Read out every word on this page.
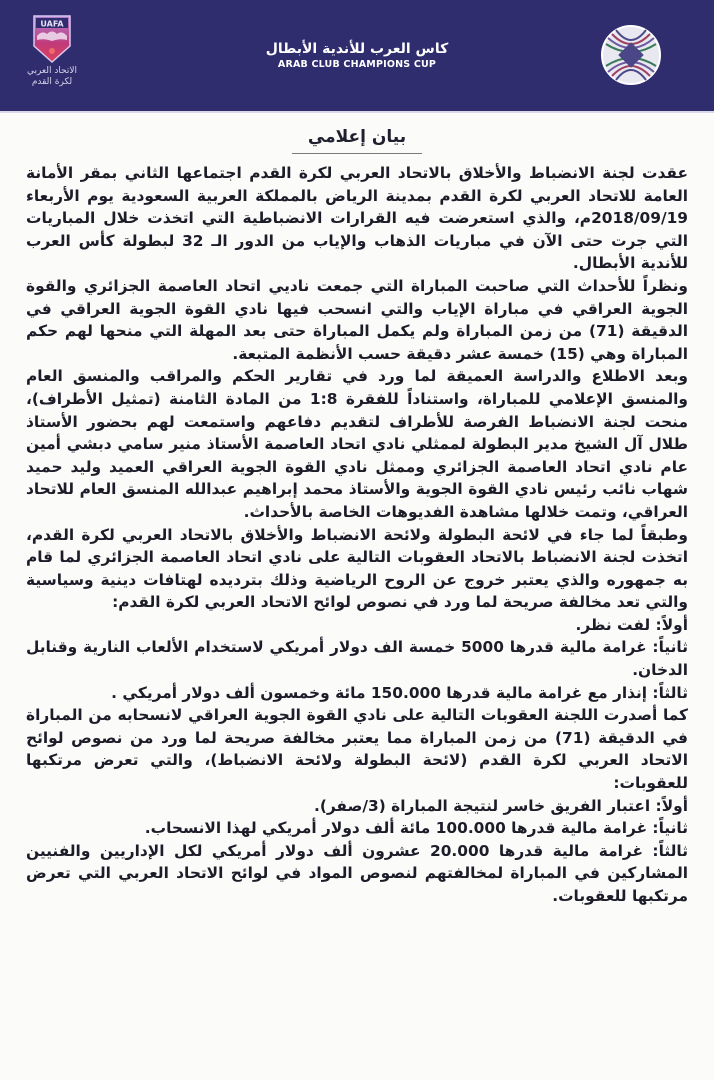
UAFA
الاتحاد العربي
لكرة القدم
كاس العرب للأندية الأبطال
ARAB CLUB CHAMPIONS CUP
بيان إعلامي

عقدت لجنة الانضباط والأخلاق بالاتحاد العربي لكرة القدم اجتماعها الثاني بمقر الأمانة العامة للاتحاد العربي لكرة القدم بمدينة الرياض بالمملكة العربية السعودية يوم الأربعاء 2018/09/19م، والذي استعرضت فيه القرارات الانضباطية التي اتخذت خلال المباريات التي جرت حتى الآن في مباريات الذهاب والإياب من الدور الـ 32 لبطولة كأس العرب للأندية الأبطال.

ونظراً للأحداث التي صاحبت المباراة التي جمعت ناديي اتحاد العاصمة الجزائري والقوة الجوية العراقي في مباراة الإياب والتي انسحب فيها نادي القوة الجوية العراقي في الدقيقة (71) من زمن المباراة ولم يكمل المباراة حتى بعد المهلة التي منحها لهم حكم المباراة وهي (15) خمسة عشر دقيقة حسب الأنظمة المتبعة.

وبعد الاطلاع والدراسة العميقة لما ورد في تقارير الحكم والمراقب والمنسق العام والمنسق الإعلامي للمباراة، واستناداً للفقرة 1:8 من المادة الثامنة (تمثيل الأطراف)، منحت لجنة الانضباط الفرصة للأطراف لتقديم دفاعهم واستمعت لهم بحضور الأستاذ طلال آل الشيخ مدير البطولة لممثلي نادي اتحاد العاصمة الأستاذ منير سامي دبشي أمين عام نادي اتحاد العاصمة الجزائري وممثل نادي القوة الجوية العراقي العميد وليد حميد شهاب نائب رئيس نادي القوة الجوية والأستاذ محمد إبراهيم عبدالله المنسق العام للاتحاد العراقي، وتمت خلالها مشاهدة الفديوهات الخاصة بالأحداث.

وطبقاً لما جاء في لائحة البطولة ولائحة الانضباط والأخلاق بالاتحاد العربي لكرة القدم، اتخذت لجنة الانضباط بالاتحاد العقوبات التالية على نادي اتحاد العاصمة الجزائري لما قام به جمهوره والذي يعتبر خروج عن الروح الرياضية وذلك بترديده لهتافات دينية وسياسية والتي تعد مخالفة صريحة لما ورد في نصوص لوائح الاتحاد العربي لكرة القدم:

أولاً: لفت نظر.

ثانياً: غرامة مالية قدرها 5000 خمسة الف دولار أمريكي لاستخدام الألعاب النارية وقنابل الدخان.

ثالثاً: إنذار مع غرامة مالية قدرها 150.000 مائة وخمسون ألف دولار أمريكي .

كما أصدرت اللجنة العقوبات التالية على نادي القوة الجوية العراقي لانسحابه من المباراة في الدقيقة (71) من زمن المباراة مما يعتبر مخالفة صريحة لما ورد من نصوص لوائح الاتحاد العربي لكرة القدم (لائحة البطولة ولائحة الانضباط)، والتي تعرض مرتكبها للعقوبات:

أولاً: اعتبار الفريق خاسر لنتيجة المباراة (3/صفر).

ثانياً: غرامة مالية قدرها 100.000 مائة ألف دولار أمريكي لهذا الانسحاب.

ثالثاً: غرامة مالية قدرها 20.000 عشرون ألف دولار أمريكي لكل الإداريين والفنيين المشاركين في المباراة لمخالفتهم لنصوص المواد في لوائح الاتحاد العربي التي تعرض مرتكبها للعقوبات.
